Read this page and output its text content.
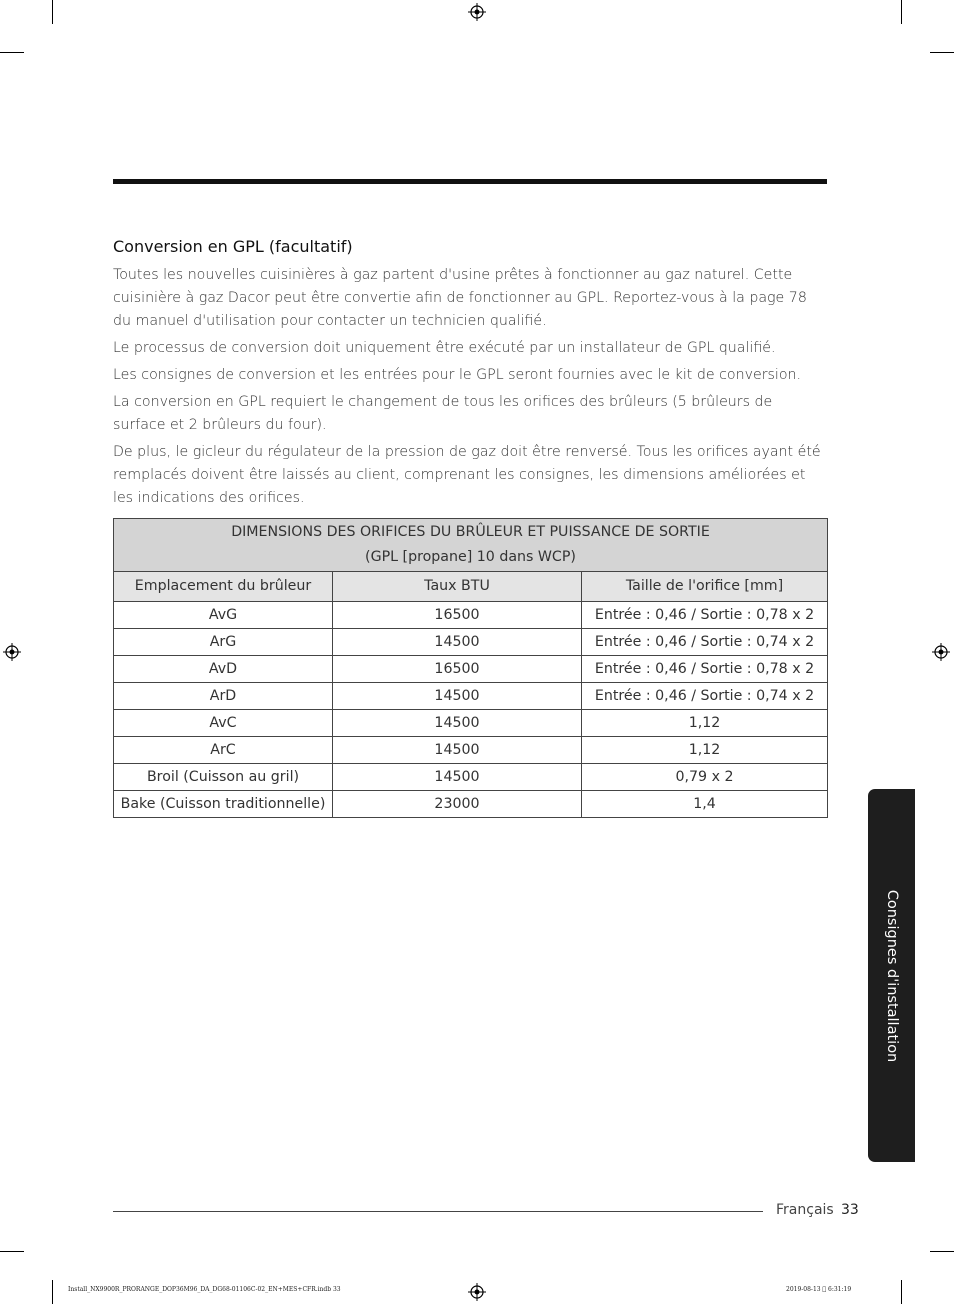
Conversion en GPL (facultatif)

Toutes les nouvelles cuisinières à gaz partent d'usine prêtes à fonctionner au gaz naturel. Cette cuisinière à gaz Dacor peut être convertie afin de fonctionner au GPL. Reportez-vous à la page 78 du manuel d'utilisation pour contacter un technicien qualifié.

Le processus de conversion doit uniquement être exécuté par un installateur de GPL qualifié.

Les consignes de conversion et les entrées pour le GPL seront fournies avec le kit de conversion.

La conversion en GPL requiert le changement de tous les orifices des brûleurs (5 brûleurs de surface et 2 brûleurs du four).

De plus, le gicleur du régulateur de la pression de gaz doit être renversé. Tous les orifices ayant été remplacés doivent être laissés au client, comprenant les consignes, les dimensions améliorées et les indications des orifices.

DIMENSIONS DES ORIFICES DU BRÛLEUR ET PUISSANCE DE SORTIE
(GPL [propane] 10 dans WCP)		

Emplacement du brûleur	Taux BTU	Taille de l'orifice [mm]
AvG	16500	Entrée : 0,46 / Sortie : 0,78 x 2
ArG	14500	Entrée : 0,46 / Sortie : 0,74 x 2
AvD	16500	Entrée : 0,46 / Sortie : 0,78 x 2
ArD	14500	Entrée : 0,46 / Sortie : 0,74 x 2
AvC	14500	1,12
ArC	14500	1,12
Broil (Cuisson au gril)	14500	0,79 x 2
Bake (Cuisson traditionnelle)	23000	1,4
Consignes d'installation
Français 33
Install_NX9900R_PRORANGE_DOP36M96_DA_DG68-01106C-02_EN+MES+CFR.indb 33	2019-08-13 ￿ 6:31:19
